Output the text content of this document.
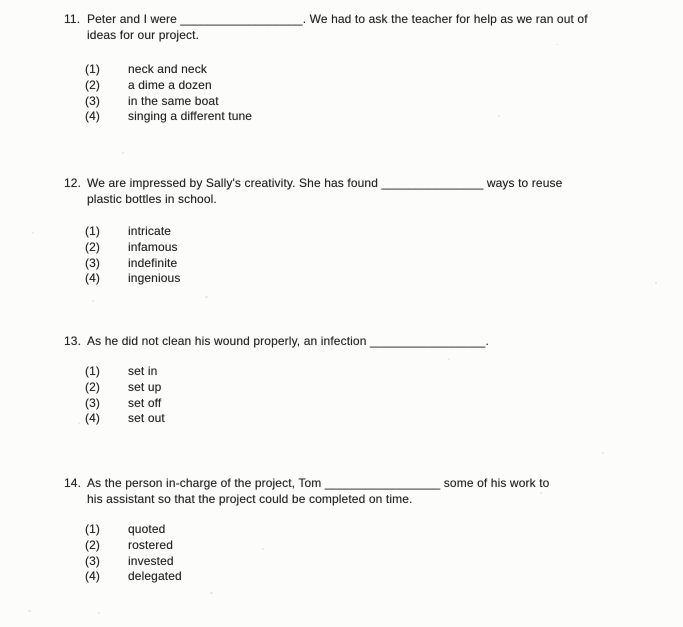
11. Peter and I were __________________. We had to ask the teacher for help as we ran out of
ideas for our project.
(1)	neck and neck
(2)	a dime a dozen
(3)	in the same boat
(4)	singing a different tune
12. We are impressed by Sally's creativity. She has found _______________ ways to reuse
plastic bottles in school.
(1)	intricate
(2)	infamous
(3)	indefinite
(4)	ingenious
13. As he did not clean his wound properly, an infection _________________.
(1)	set in
(2)	set up
(3)	set off
(4)	set out
14. As the person in-charge of the project, Tom _________________ some of his work to
his assistant so that the project could be completed on time.
(1)	quoted
(2)	rostered
(3)	invested
(4)	delegated
